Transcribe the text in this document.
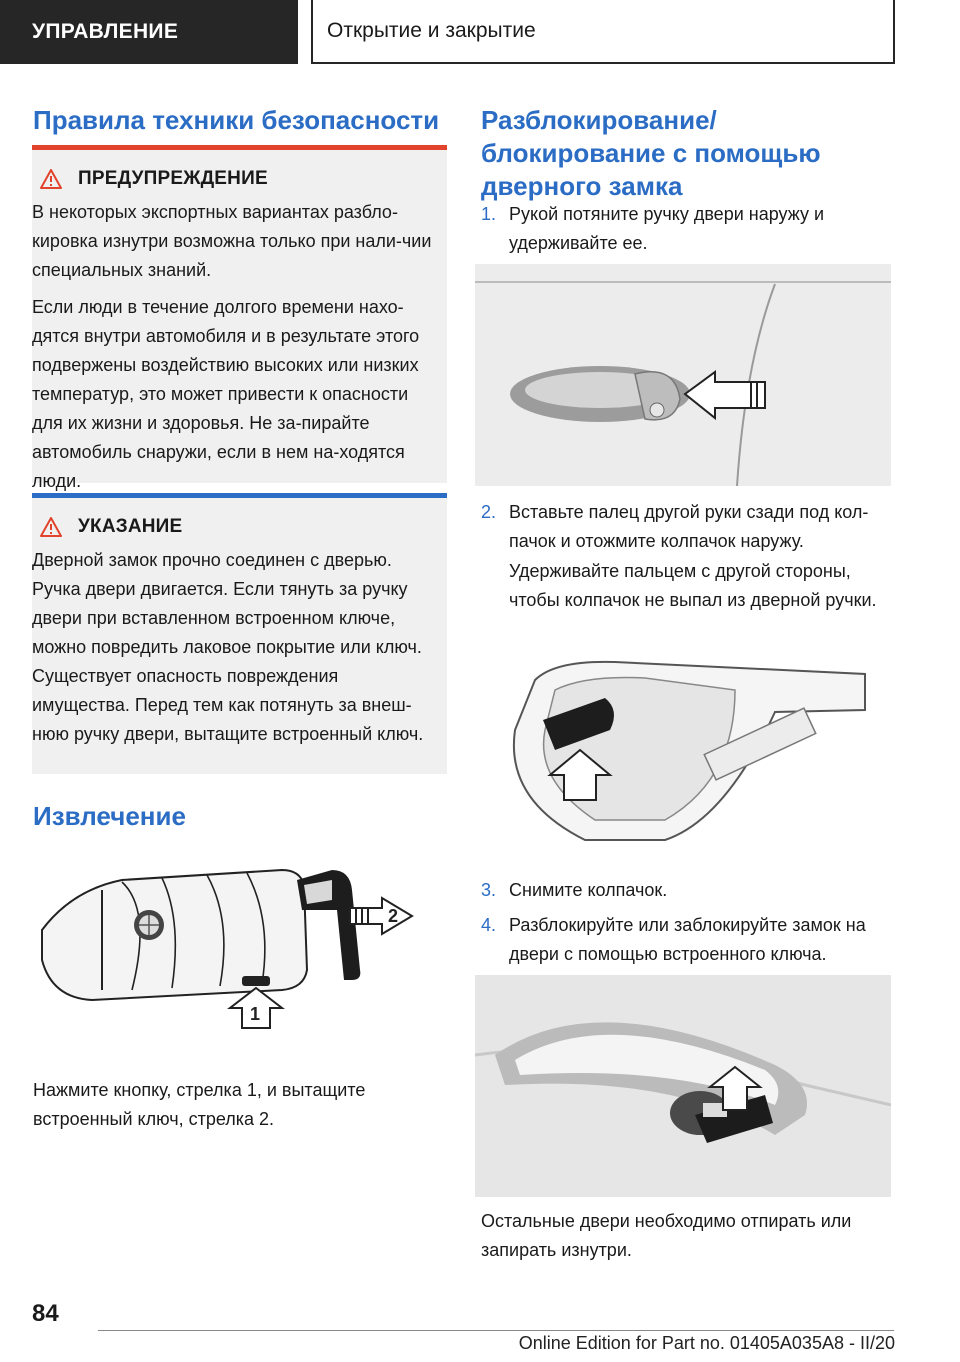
УПРАВЛЕНИЕ	Открытие и закрытие
Правила техники безопасности
ПРЕДУПРЕЖДЕНИЕ

В некоторых экспортных вариантах разбло-кировка изнутри возможна только при нали-чии специальных знаний.

Если люди в течение долгого времени нахо-дятся внутри автомобиля и в результате этого подвержены воздействию высоких или низких температур, это может привести к опасности для их жизни и здоровья. Не за-пирайте автомобиль снаружи, если в нем на-ходятся люди.

УКАЗАНИЕ

Дверной замок прочно соединен с дверью. Ручка двери двигается. Если тянуть за ручку двери при вставленном встроенном ключе, можно повредить лаковое покрытие или ключ. Существует опасность повреждения имущества. Перед тем как потянуть за внеш-нюю ручку двери, вытащите встроенный ключ.

Извлечение
2
1
Нажмите кнопку, стрелка 1, и вытащите встроенный ключ, стрелка 2.
Разблокирование/ блокирование с помощью дверного замка
1. Рукой потяните ручку двери наружу и удерживайте ее.
2. Вставьте палец другой руки сзади под кол-пачок и отожмите колпачок наружу.
Удерживайте пальцем с другой стороны, чтобы колпачок не выпал из дверной ручки.
3. Снимите колпачок.
4. Разблокируйте или заблокируйте замок на двери с помощью встроенного ключа.
Остальные двери необходимо отпирать или запирать изнутри.
84
Online Edition for Part no. 01405A035A8 - II/20
